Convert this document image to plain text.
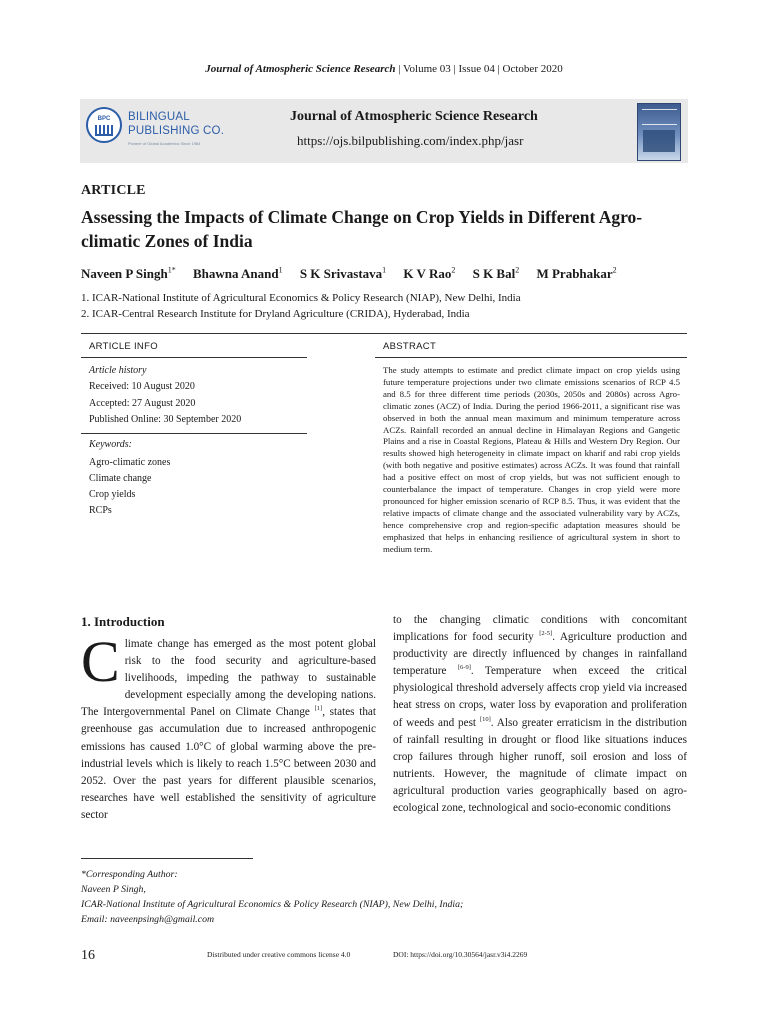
Journal of Atmospheric Science Research | Volume 03 | Issue 04 | October 2020
BPC	BILINGUAL
PUBLISHING CO.
Pioneer of Global Academics Since 1984
Journal of Atmospheric Science Research
https://ojs.bilpublishing.com/index.php/jasr
ARTICLE
Assessing the Impacts of Climate Change on Crop Yields in Different Agro-climatic Zones of India
Naveen P Singh$^{1*}$ Bhawna Anand$^1$ S K Srivastava$^1$ K V Rao$^2$ S K Bal$^2$ M Prabhakar$^2$
1. ICAR-National Institute of Agricultural Economics & Policy Research (NIAP), New Delhi, India
2. ICAR-Central Research Institute for Dryland Agriculture (CRIDA), Hyderabad, India
ARTICLE INFO
Article history
Received: 10 August 2020
Accepted: 27 August 2020
Published Online: 30 September 2020
Keywords:
Agro-climatic zones
Climate change
Crop yields
RCPs
ABSTRACT
The study attempts to estimate and predict climate impact on crop yields using future temperature projections under two climate emissions scenarios of RCP 4.5 and 8.5 for three different time periods (2030s, 2050s and 2080s) across Agro-climatic zones (ACZ) of India. During the period 1966-2011, a significant rise was observed in both the annual mean maximum and minimum temperature across ACZs. Rainfall recorded an annual decline in Himalayan Regions and Gangetic Plains and a rise in Coastal Regions, Plateau & Hills and Western Dry Region. Our results showed high heterogeneity in climate impact on kharif and rabi crop yields (with both negative and positive estimates) across ACZs. It was found that rainfall had a positive effect on most of crop yields, but was not sufficient enough to counterbalance the impact of temperature. Changes in crop yield were more pronounced for higher emission scenario of RCP 8.5. Thus, it was evident that the relative impacts of climate change and the associated vulnerability vary by ACZs, hence comprehensive crop and region-specific adaptation measures should be emphasized that helps in enhancing resilience of agricultural system in short to medium term.
1. Introduction
Climate change has emerged as the most potent global risk to the food security and agriculture-based livelihoods, impeding the pathway to sustainable development especially among the developing nations. The Intergovernmental Panel on Climate Change [1], states that greenhouse gas accumulation due to increased anthropogenic emissions has caused 1.0°C of global warming above the pre-industrial levels which is likely to reach 1.5°C between 2030 and 2052. Over the past years for different plausible scenarios, researches have well established the sensitivity of agriculture sector
to the changing climatic conditions with concomitant implications for food security [2-5]. Agriculture production and productivity are directly influenced by changes in rainfalland temperature [6-9]. Temperature when exceed the critical physiological threshold adversely affects crop yield via increased heat stress on crops, water loss by evaporation and proliferation of weeds and pest [10]. Also greater erraticism in the distribution of rainfall resulting in drought or flood like situations induces crop failures through higher runoff, soil erosion and loss of nutrients. However, the magnitude of climate impact on agricultural production varies geographically based on agro-ecological zone, technological and socio-economic conditions
*Corresponding Author:
Naveen P Singh,
ICAR-National Institute of Agricultural Economics & Policy Research (NIAP), New Delhi, India;
Email: naveenpsingh@gmail.com
16	Distributed under creative commons license 4.0	DOI: https://doi.org/10.30564/jasr.v3i4.2269
